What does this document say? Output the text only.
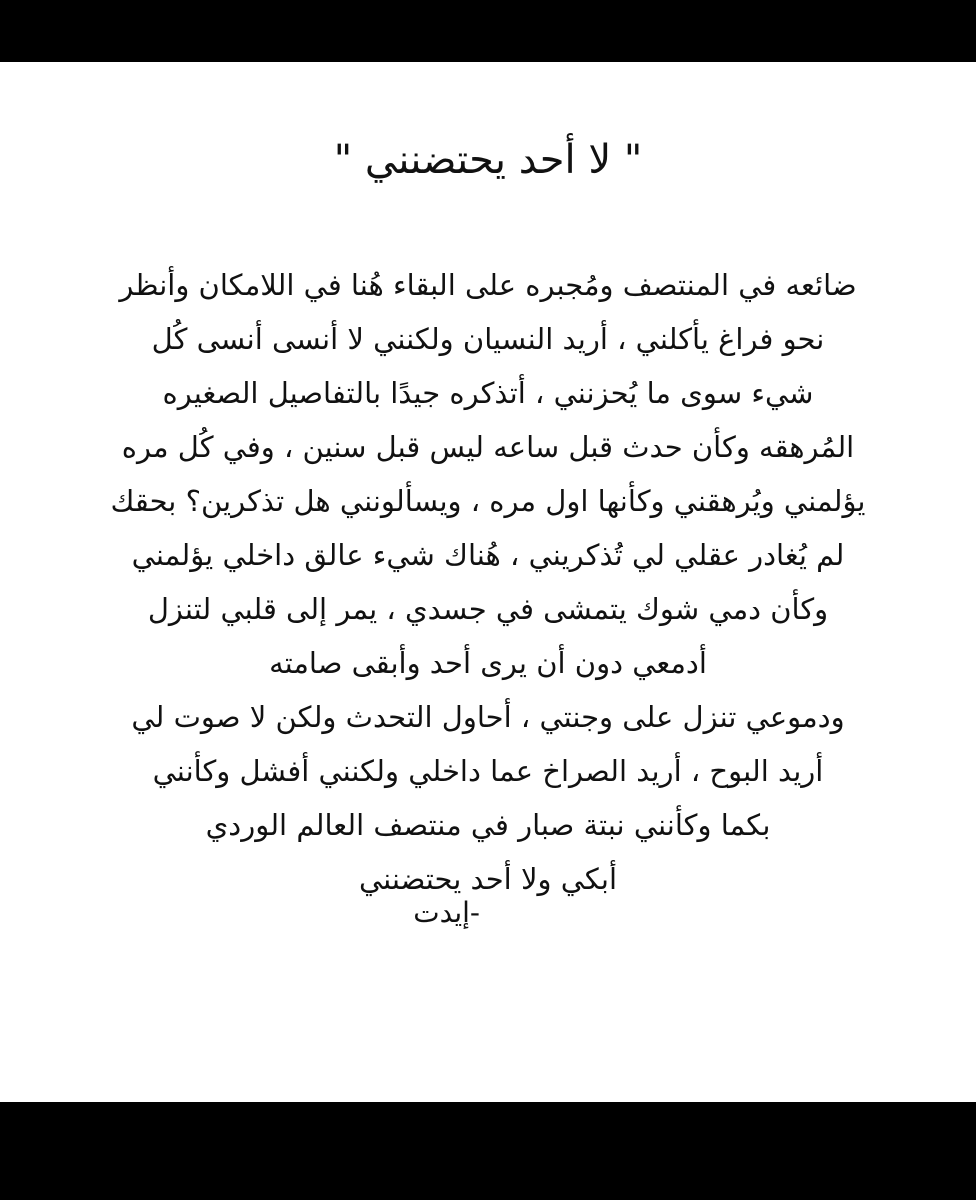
" لا أحد يحتضنني "
ضائعه في المنتصف ومُجبره على البقاء هُنا في اللامكان وأنظر
نحو فراغ يأكلني ، أريد النسيان ولكنني لا أنسى أنسى كُل
شيء سوى ما يُحزنني ، أتذكره جيدًا بالتفاصيل الصغيره
المُرهقه وكأن حدث قبل ساعه ليس قبل سنين ، وفي كُل مره
يؤلمني ويُرهقني وكأنها اول مره ، ويسألونني هل تذكرين؟ بحقك
لم يُغادر عقلي لي تُذكريني ، هُناك شيء عالق داخلي يؤلمني
وكأن دمي شوك يتمشى في جسدي ، يمر إلى قلبي لتنزل
أدمعي دون أن يرى أحد وأبقى صامته
ودموعي تنزل على وجنتي ، أحاول التحدث ولكن لا صوت لي
أريد البوح ، أريد الصراخ عما داخلي ولكنني أفشل وكأنني
بكما وكأنني نبتة صبار في منتصف العالم الوردي
أبكي ولا أحد يحتضنني
-إيدت
